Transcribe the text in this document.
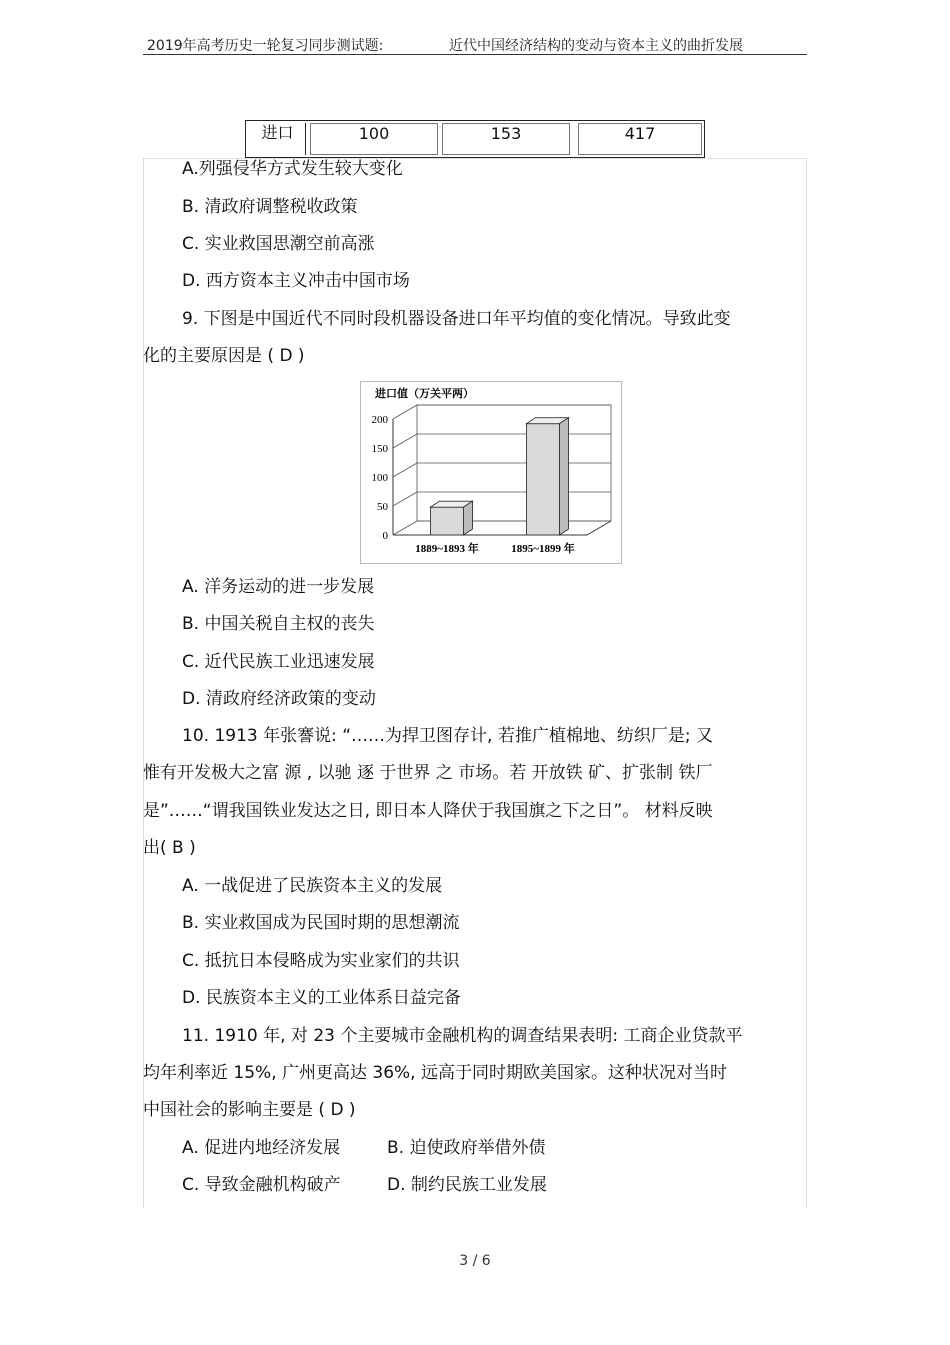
2019年高考历史一轮复习同步测试题:	近代中国经济结构的变动与资本主义的曲折发展
进口	100	153	417
A.列强侵华方式发生较大变化
B. 清政府调整税收政策
C. 实业救国思潮空前高涨
D. 西方资本主义冲击中国市场
9. 下图是中国近代不同时段机器设备进口年平均值的变化情况。导致此变
化的主要原因是 ( D )
进口值（万关平两）
0
50
100
150
200
1889~1893 年	1895~1899 年
A. 洋务运动的进一步发展
B. 中国关税自主权的丧失
C. 近代民族工业迅速发展
D. 清政府经济政策的变动
10. 1913 年张謇说: “……为捍卫图存计, 若推广植棉地、纺织厂是; 又
惟有开发极大之富 源 , 以驰 逐 于世界 之 市场。若 开放铁 矿、扩张制 铁厂
是”……“谓我国铁业发达之日, 即日本人降伏于我国旗之下之日”。 材料反映
出( B )
A. 一战促进了民族资本主义的发展
B. 实业救国成为民国时期的思想潮流
C. 抵抗日本侵略成为实业家们的共识
D. 民族资本主义的工业体系日益完备
11. 1910 年, 对 23 个主要城市金融机构的调查结果表明: 工商企业贷款平
均年利率近 15%, 广州更高达 36%, 远高于同时期欧美国家。这种状况对当时
中国社会的影响主要是 ( D )
A. 促进内地经济发展	B. 迫使政府举借外债
C. 导致金融机构破产	D. 制约民族工业发展
3 / 6
